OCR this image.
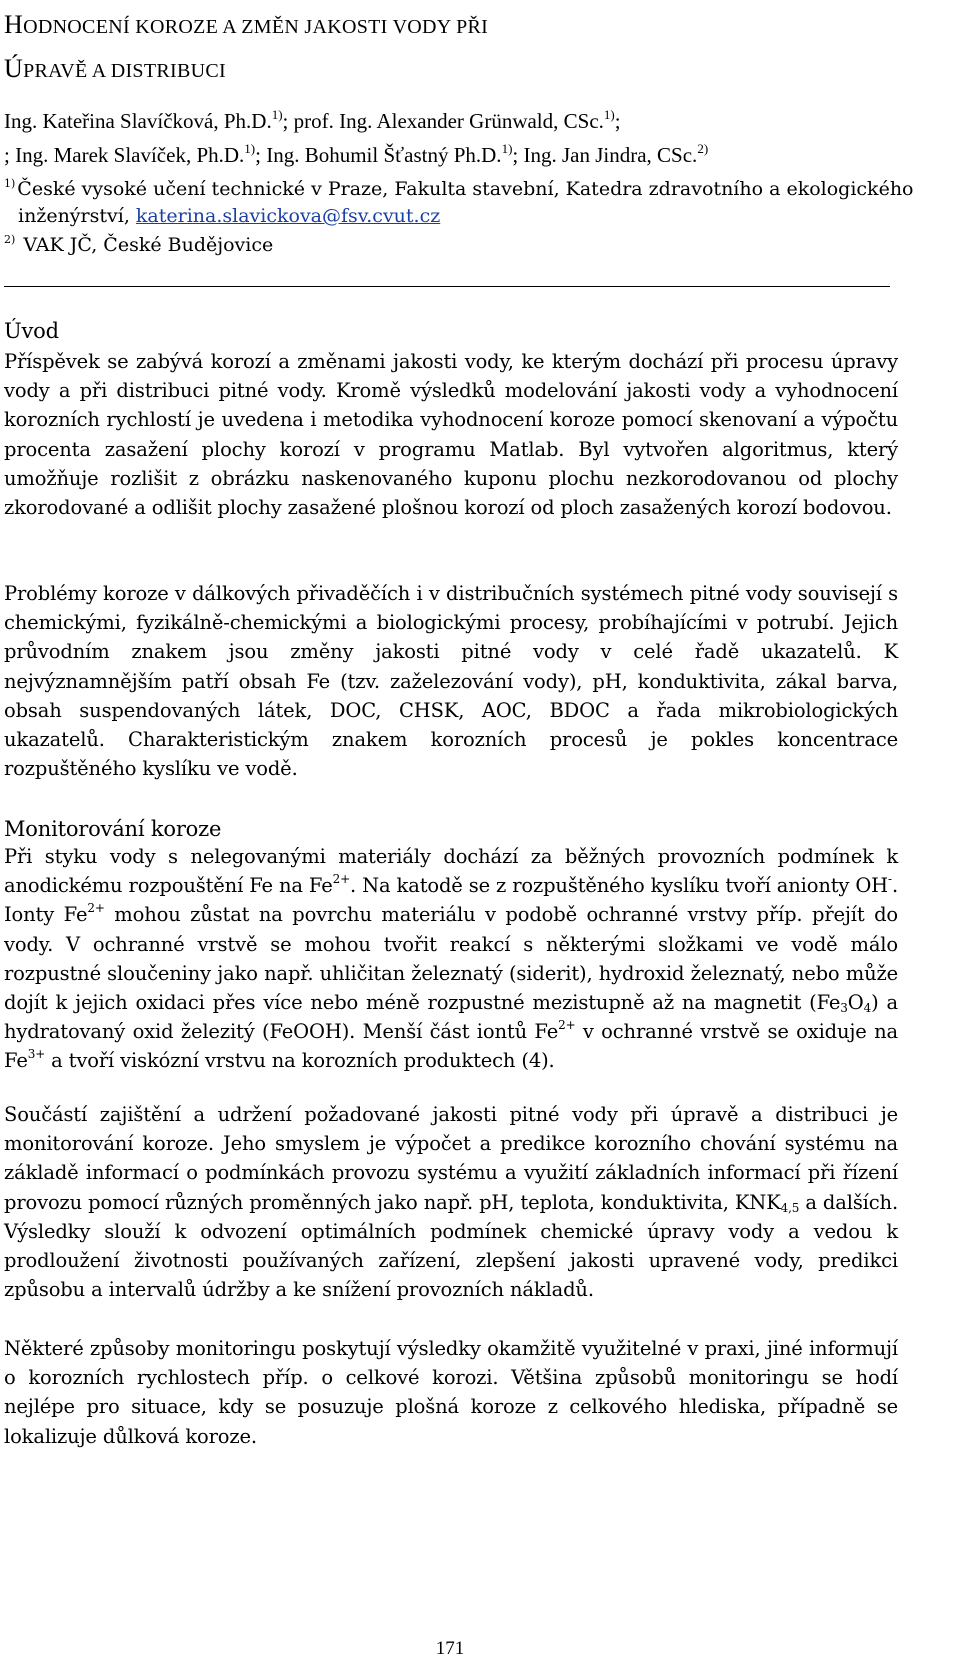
HODNOCENÍ KOROZE A ZMĚN JAKOSTI VODY PŘI
ÚPRAVĚ A DISTRIBUCI
Ing. Kateřina Slavíčková, Ph.D.$^{1)}$; prof. Ing. Alexander Grünwald, CSc.$^{1)}$;
; Ing. Marek Slavíček, Ph.D.$^{1)}$; Ing. Bohumil Šťastný Ph.D.$^{1)}$; Ing. Jan Jindra, CSc.$^{2)}$
$^{1)}$ České vysoké učení technické v Praze, Fakulta stavební, Katedra zdravotního a ekologického
inženýrství, katerina.slavickova@fsv.cvut.cz
$^{2)}$ VAK JČ, České Budějovice
Úvod

Příspěvek se zabývá korozí a změnami jakosti vody, ke kterým dochází při procesu úpravy vody a při distribuci pitné vody. Kromě výsledků modelování jakosti vody a vyhodnocení korozních rychlostí je uvedena i metodika vyhodnocení koroze pomocí skenovaní a výpočtu procenta zasažení plochy korozí v programu Matlab. Byl vytvořen algoritmus, který umožňuje rozlišit z obrázku naskenovaného kuponu plochu nezkorodovanou od plochy zkorodované a odlišit plochy zasažené plošnou korozí od ploch zasažených korozí bodovou.

Problémy koroze v dálkových přivaděčích i v distribučních systémech pitné vody souvisejí s chemickými, fyzikálně-chemickými a biologickými procesy, probíhajícími v potrubí. Jejich průvodním znakem jsou změny jakosti pitné vody v celé řadě ukazatelů. K nejvýznamnějším patří obsah Fe (tzv. zaželezování vody), pH, konduktivita, zákal barva, obsah suspendovaných látek, DOC, CHSK, AOC, BDOC a řada mikrobiologických ukazatelů. Charakteristickým znakem korozních procesů je pokles koncentrace rozpuštěného kyslíku ve vodě.

Monitorování koroze

Při styku vody s nelegovanými materiály dochází za běžných provozních podmínek k anodickému rozpouštění Fe na $Fe^{2+}$. Na katodě se z rozpuštěného kyslíku tvoří anionty OH-. Ionty $Fe^{2+}$ mohou zůstat na povrchu materiálu v podobě ochranné vrstvy příp. přejít do vody. V ochranné vrstvě se mohou tvořit reakcí s některými složkami ve vodě málo rozpustné sloučeniny jako např. uhličitan železnatý (siderit), hydroxid železnatý, nebo může dojít k jejich oxidaci přes více nebo méně rozpustné mezistupně až na magnetit $(Fe_3O_4)$ a hydratovaný oxid železitý (FeOOH). Menší část iontů $Fe^{2+}$ v ochranné vrstvě se oxiduje na $Fe^{3+}$ a tvoří viskózní vrstvu na korozních produktech (4).

Součástí zajištění a udržení požadované jakosti pitné vody při úpravě a distribuci je monitorování koroze. Jeho smyslem je výpočet a predikce korozního chování systému na základě informací o podmínkách provozu systému a využití základních informací při řízení provozu pomocí různých proměnných jako např. pH, teplota, konduktivita, $KNK_{4,5}$ a dalších. Výsledky slouží k odvození optimálních podmínek chemické úpravy vody a vedou k prodloužení životnosti používaných zařízení, zlepšení jakosti upravené vody, predikci způsobu a intervalů údržby a ke snížení provozních nákladů.

Některé způsoby monitoringu poskytují výsledky okamžitě využitelné v praxi, jiné informují o korozních rychlostech příp. o celkové korozi. Většina způsobů monitoringu se hodí nejlépe pro situace, kdy se posuzuje plošná koroze z celkového hlediska, případně se lokalizuje důlková koroze.

171
